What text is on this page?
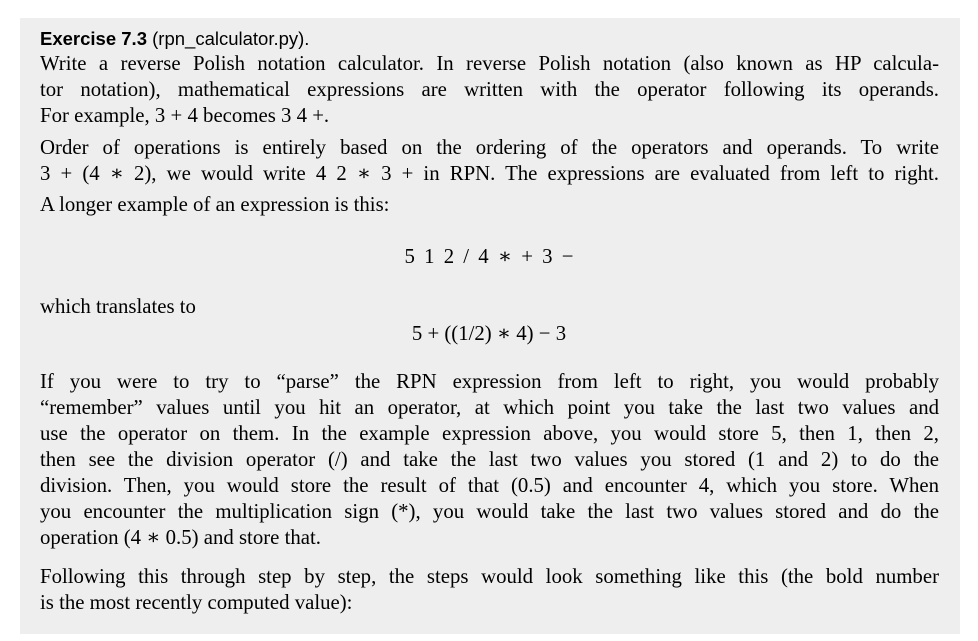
Exercise 7.3 (rpn_calculator.py).
Write a reverse Polish notation calculator. In reverse Polish notation (also known as HP calcula-
tor notation), mathematical expressions are written with the operator following its operands.
For example, 3 + 4 becomes 3 4 +.
Order of operations is entirely based on the ordering of the operators and operands. To write
3 + (4 ∗ 2), we would write 4 2 ∗ 3 + in RPN. The expressions are evaluated from left to right.
A longer example of an expression is this:
5 1 2 / 4 ∗ + 3 −
which translates to
5 + ((1/2) ∗ 4) − 3
If you were to try to “parse” the RPN expression from left to right, you would probably
“remember” values until you hit an operator, at which point you take the last two values and
use the operator on them. In the example expression above, you would store 5, then 1, then 2,
then see the division operator (/) and take the last two values you stored (1 and 2) to do the
division. Then, you would store the result of that (0.5) and encounter 4, which you store. When
you encounter the multiplication sign (*), you would take the last two values stored and do the
operation (4 ∗ 0.5) and store that.
Following this through step by step, the steps would look something like this (the bold number
is the most recently computed value):
